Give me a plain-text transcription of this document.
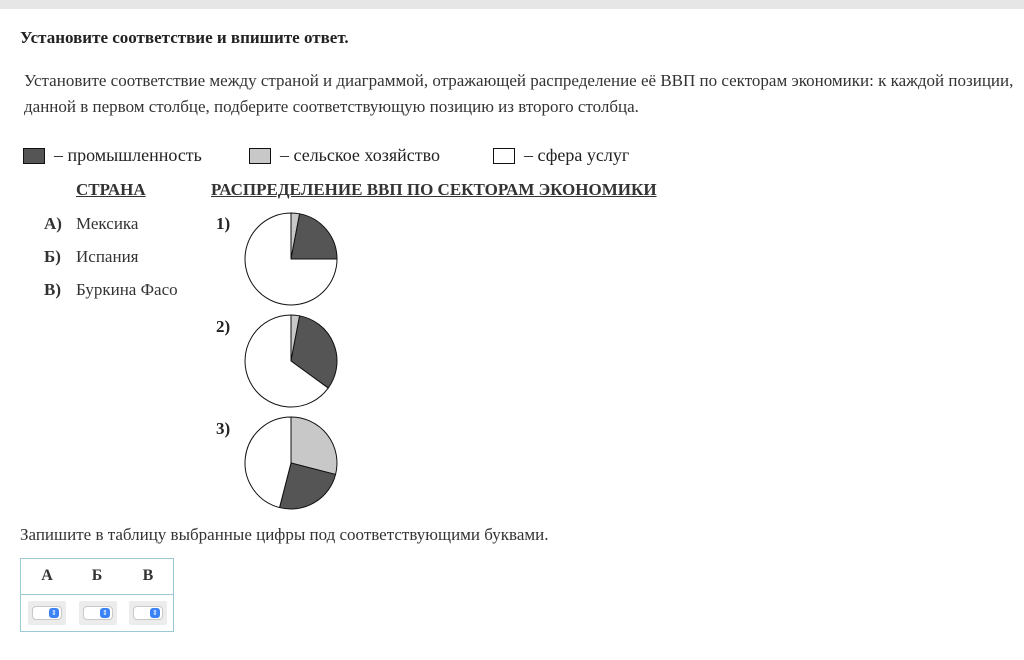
Установите соответствие и впишите ответ.
Установите соответствие между страной и диаграммой, отражающей распределение её ВВП по секторам экономики: к каждой позиции, данной в первом столбце, подберите соответствующую позицию из второго столбца.
– промышленность	– сельское хозяйство	– сфера услуг
СТРАНА	РАСПРЕДЕЛЕНИЕ ВВП ПО СЕКТОРАМ ЭКОНОМИКИ
А) Мексика
Б) Испания
В) Буркина Фасо
1)
2)
3)
Запишите в таблицу выбранные цифры под соответствующими буквами.
А	Б	В
⇕	⇕	⇕
